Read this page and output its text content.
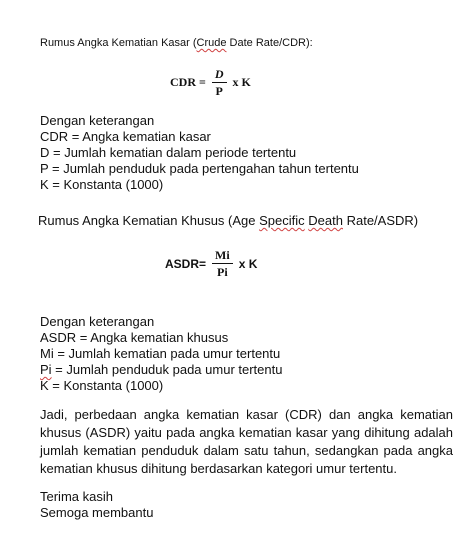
Rumus Angka Kematian Kasar (Crude Date Rate/CDR):
CDR = $\frac{D}{P}$ x K
Dengan keterangan
CDR = Angka kematian kasar
D = Jumlah kematian dalam periode tertentu
P = Jumlah penduduk pada pertengahan tahun tertentu
K = Konstanta (1000)
Rumus Angka Kematian Khusus (Age Specific Death Rate/ASDR)
ASDR= $\frac{Mi}{Pi}$ x K
Dengan keterangan
ASDR = Angka kematian khusus
Mi = Jumlah kematian pada umur tertentu
Pi = Jumlah penduduk pada umur tertentu
K = Konstanta (1000)

Jadi, perbedaan angka kematian kasar (CDR) dan angka kematian khusus (ASDR) yaitu pada angka kematian kasar yang dihitung adalah jumlah kematian penduduk dalam satu tahun, sedangkan pada angka kematian khusus dihitung berdasarkan kategori umur tertentu.

Terima kasih
Semoga membantu
